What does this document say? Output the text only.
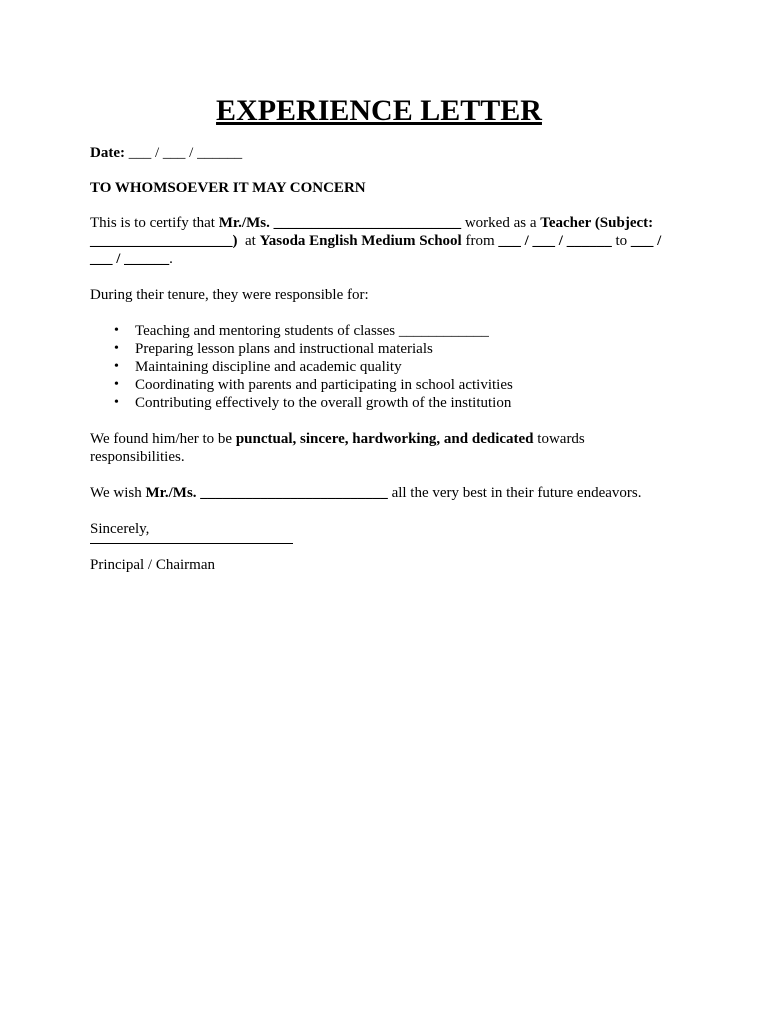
EXPERIENCE LETTER

Date: ___ / ___ / ______

TO WHOMSOEVER IT MAY CONCERN

This is to certify that Mr./Ms. _________________________ worked as a Teacher (Subject: ___________________)  at Yasoda English Medium School from ___ / ___ / ______ to ___ / ___ / ______.

During their tenure, they were responsible for:

• Teaching and mentoring students of classes ____________
• Preparing lesson plans and instructional materials
• Maintaining discipline and academic quality
• Coordinating with parents and participating in school activities
• Contributing effectively to the overall growth of the institution

We found him/her to be punctual, sincere, hardworking, and dedicated towards responsibilities.

We wish Mr./Ms. _________________________ all the very best in their future endeavors.

Sincerely,

Principal / Chairman
